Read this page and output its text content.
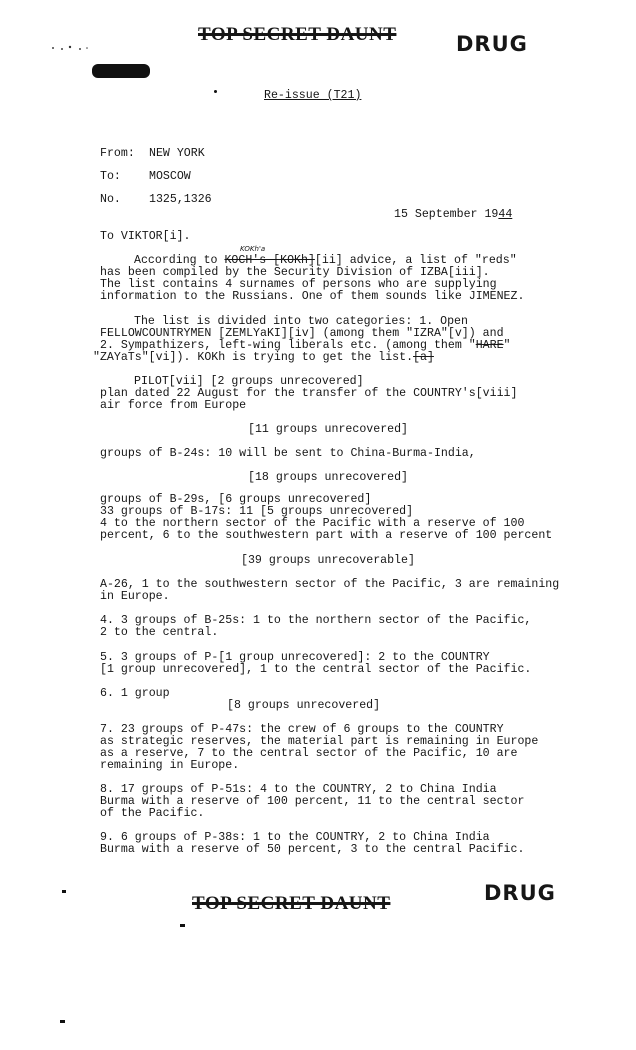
TOP SECRET DAUNT	DRUG
Re-issue (T21)
From: NEW YORK
To: MOSCOW
No. 1325,1326
15 September 1944
To VIKTOR[i].
KOKh'a
According to KOCH's [KOKh][ii] advice, a list of "reds"
has been compiled by the Security Division of IZBA[iii].
The list contains 4 surnames of persons who are supplying
information to the Russians. One of them sounds like JIMENEZ.
The list is divided into two categories: 1. Open
FELLOWCOUNTRYMEN [ZEMLYaKI][iv] (among them "IZRA"[v]) and
2. Sympathizers, left-wing liberals etc. (among them "HARE"
"ZAYaTs"[vi]). KOKh is trying to get the list.[a]
PILOT[vii] [2 groups unrecovered]
plan dated 22 August for the transfer of the COUNTRY's[viii]
air force from Europe
[11 groups unrecovered]
groups of B-24s: 10 will be sent to China-Burma-India,
[18 groups unrecovered]
groups of B-29s, [6 groups unrecovered]
33 groups of B-17s: 11 [5 groups unrecovered]
4 to the northern sector of the Pacific with a reserve of 100
percent, 6 to the southwestern part with a reserve of 100 percent
[39 groups unrecoverable]
A-26, 1 to the southwestern sector of the Pacific, 3 are remaining
in Europe.
4. 3 groups of B-25s: 1 to the northern sector of the Pacific,
2 to the central.
5. 3 groups of P-[1 group unrecovered]: 2 to the COUNTRY
[1 group unrecovered], 1 to the central sector of the Pacific.
6. 1 group
[8 groups unrecovered]
7. 23 groups of P-47s: the crew of 6 groups to the COUNTRY
as strategic reserves, the material part is remaining in Europe
as a reserve, 7 to the central sector of the Pacific, 10 are
remaining in Europe.
8. 17 groups of P-51s: 4 to the COUNTRY, 2 to China India
Burma with a reserve of 100 percent, 11 to the central sector
of the Pacific.
9. 6 groups of P-38s: 1 to the COUNTRY, 2 to China India
Burma with a reserve of 50 percent, 3 to the central Pacific.
TOP SECRET DAUNT	DRUG
